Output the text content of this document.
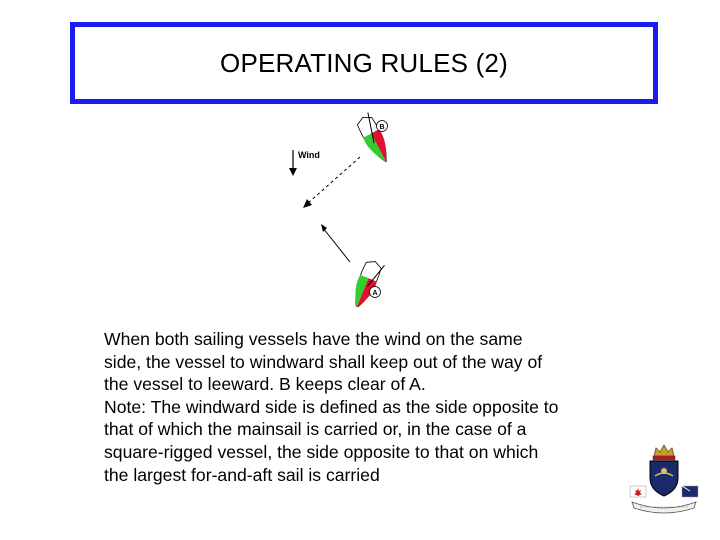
OPERATING RULES (2)
Wind
B
A

When both sailing vessels have the wind on the same

side, the vessel to windward shall keep out of the way of

the vessel to leeward. B keeps clear of A.

Note: The windward side is defined as the side opposite to

that of which the mainsail is carried or, in the case of a

square-rigged vessel, the side opposite to that on which

the largest for-and-aft sail is carried
